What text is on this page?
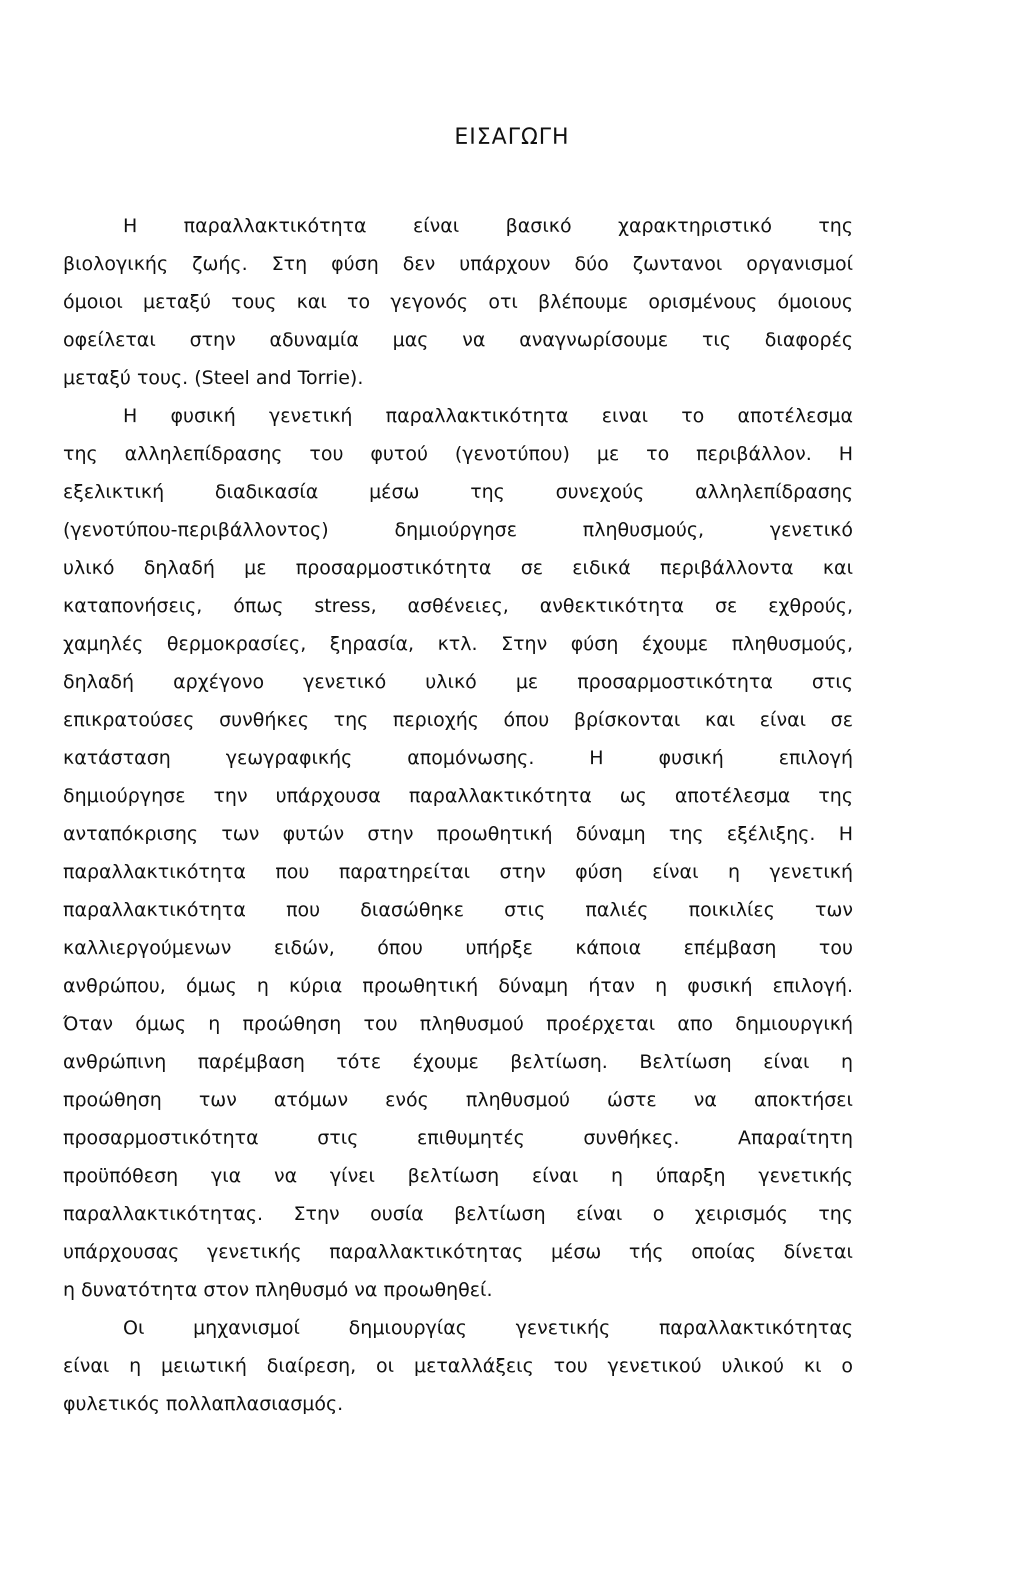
ΕΙΣΑΓΩΓΗ
Η παραλλακτικότητα είναι βασικό χαρακτηριστικό της
βιολογικής ζωής. Στη φύση δεν υπάρχουν δύο ζωντανοι οργανισμοί
όμοιοι μεταξύ τους και το γεγονός οτι βλέπουμε ορισμένους όμοιους
οφείλεται στην αδυναμία μας να αναγνωρίσουμε τις διαφορές
μεταξύ τους. (Steel and Torrie).
Η φυσική γενετική παραλλακτικότητα ειναι το αποτέλεσμα
της αλληλεπίδρασης του φυτού (γενοτύπου) με το περιβάλλον. Η
εξελικτική διαδικασία μέσω της συνεχούς αλληλεπίδρασης
(γενοτύπου-περιβάλλοντος) δημιούργησε πληθυσμούς, γενετικό
υλικό δηλαδή με προσαρμοστικότητα σε ειδικά περιβάλλοντα και
καταπονήσεις, όπως stress, ασθένειες, ανθεκτικότητα σε εχθρούς,
χαμηλές θερμοκρασίες, ξηρασία, κτλ. Στην φύση έχουμε πληθυσμούς,
δηλαδή αρχέγονο γενετικό υλικό με προσαρμοστικότητα στις
επικρατούσες συνθήκες της περιοχής όπου βρίσκονται και είναι σε
κατάσταση γεωγραφικής απομόνωσης. Η φυσική επιλογή
δημιούργησε την υπάρχουσα παραλλακτικότητα ως αποτέλεσμα της
ανταπόκρισης των φυτών στην προωθητική δύναμη της εξέλιξης. Η
παραλλακτικότητα που παρατηρείται στην φύση είναι η γενετική
παραλλακτικότητα που διασώθηκε στις παλιές ποικιλίες των
καλλιεργούμενων ειδών, όπου υπήρξε κάποια επέμβαση του
ανθρώπου, όμως η κύρια προωθητική δύναμη ήταν η φυσική επιλογή.
Όταν όμως η προώθηση του πληθυσμού προέρχεται απο δημιουργική
ανθρώπινη παρέμβαση τότε έχουμε βελτίωση. Βελτίωση είναι η
προώθηση των ατόμων ενός πληθυσμού ώστε να αποκτήσει
προσαρμοστικότητα στις επιθυμητές συνθήκες. Απαραίτητη
προϋπόθεση για να γίνει βελτίωση είναι η ύπαρξη γενετικής
παραλλακτικότητας. Στην ουσία βελτίωση είναι ο χειρισμός της
υπάρχουσας γενετικής παραλλακτικότητας μέσω τής οποίας δίνεται
η δυνατότητα στον πληθυσμό να προωθηθεί.
Οι μηχανισμοί δημιουργίας γενετικής παραλλακτικότητας
είναι η μειωτική διαίρεση, οι μεταλλάξεις του γενετικού υλικού κι ο
φυλετικός πολλαπλασιασμός.
